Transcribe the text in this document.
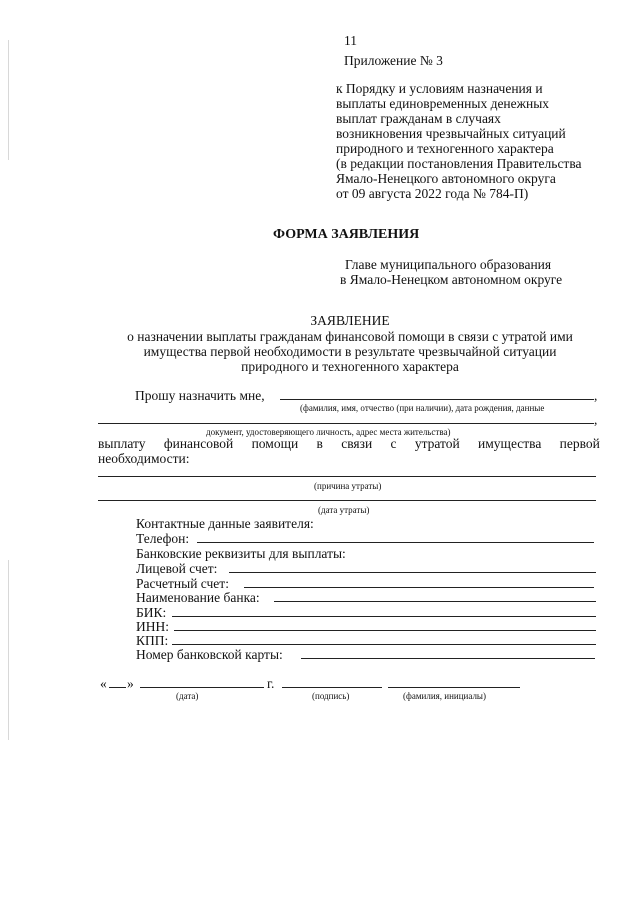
11
Приложение № 3
к Порядку и условиям назначения и
выплаты единовременных денежных
выплат гражданам в случаях
возникновения чрезвычайных ситуаций
природного и техногенного характера
(в редакции постановления Правительства
Ямало-Ненецкого автономного округа
от 09 августа 2022 года № 784-П)
ФОРМА ЗАЯВЛЕНИЯ
Главе муниципального образования
в Ямало-Ненецком автономном округе
ЗАЯВЛЕНИЕ
о назначении выплаты гражданам финансовой помощи в связи с утратой ими
имущества первой необходимости в результате чрезвычайной ситуации
природного и техногенного характера
Прошу назначить мне,	,
(фамилия, имя, отчество (при наличии), дата рождения, данные
,
документ, удостоверяющего личность, адрес места жительства)
выплату финансовой помощи в связи с утратой имущества первой
необходимости:
(причина утраты)
(дата утраты)
Контактные данные заявителя:
Телефон:
Банковские реквизиты для выплаты:
Лицевой счет:
Расчетный счет:
Наименование банка:
БИК:
ИНН:
КПП:
Номер банковской карты:
« »	г.
(дата)	(подпись)	(фамилия, инициалы)
